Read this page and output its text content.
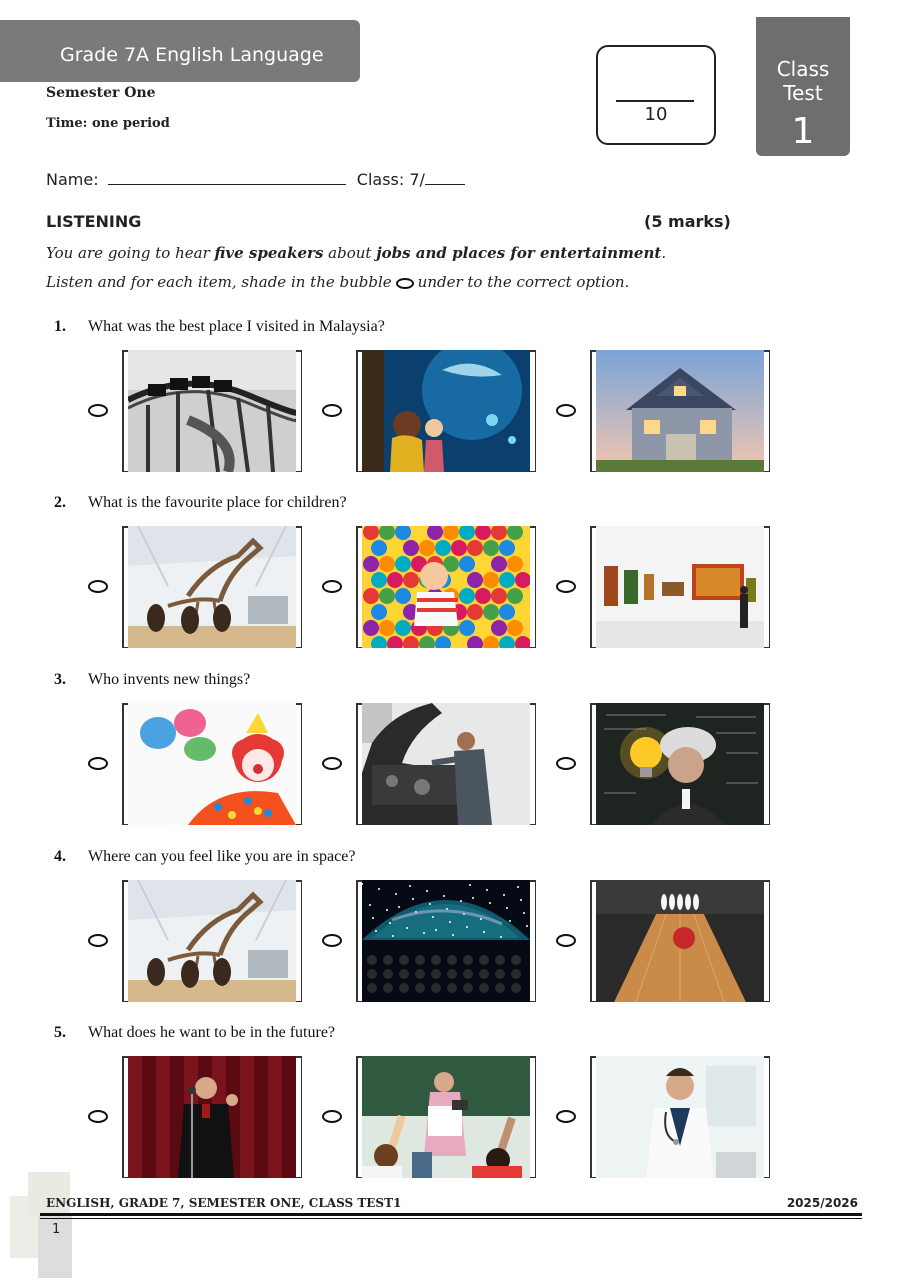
Grade 7A English Language
Semester One
Time: one period	10
Class
Test
1
Name:	Class: 7/
LISTENING	(5 marks)
You are going to hear five speakers about jobs and places for entertainment.
Listen and for each item, shade in the bubble under to the correct option.
1. What was the best place I visited in Malaysia?
2. What is the favourite place for children?
3. Who invents new things?
4. Where can you feel like you are in space?
5. What does he want to be in the future?
ENGLISH, GRADE 7, SEMESTER ONE, CLASS TEST1	2025/2026
1
